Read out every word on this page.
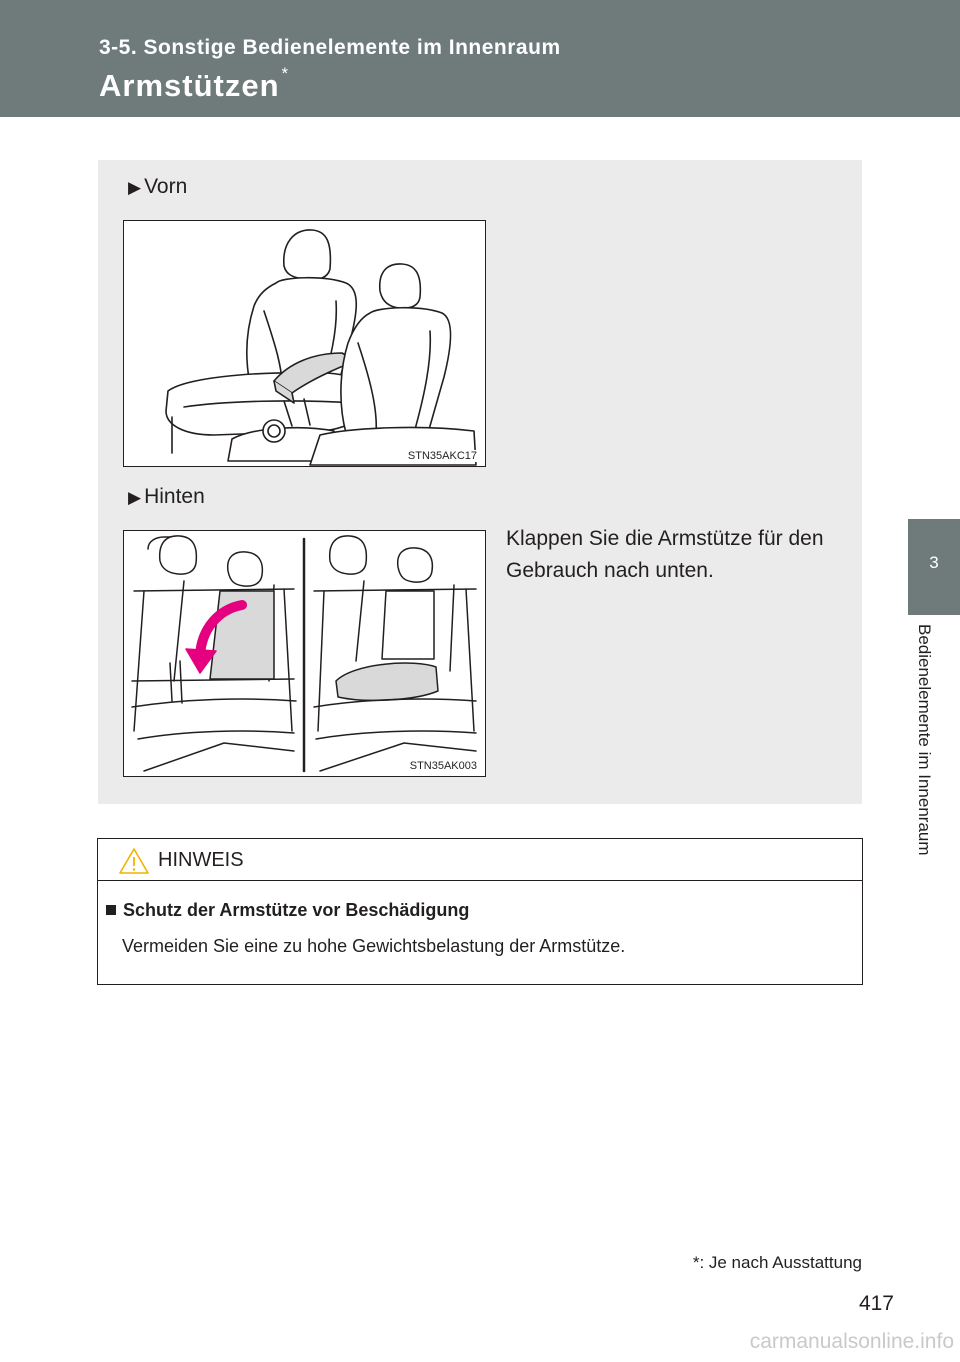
3-5. Sonstige Bedienelemente im Innenraum
Armstützen *
3
Bedienelemente im Innenraum
▶ Vorn
STN35AKC17
▶ Hinten
STN35AK003
Klappen Sie die Armstütze für den Gebrauch nach unten.
HINWEIS
Schutz der Armstütze vor Beschädigung
Vermeiden Sie eine zu hohe Gewichtsbelastung der Armstütze.
*: Je nach Ausstattung
417
carmanualsonline.info
